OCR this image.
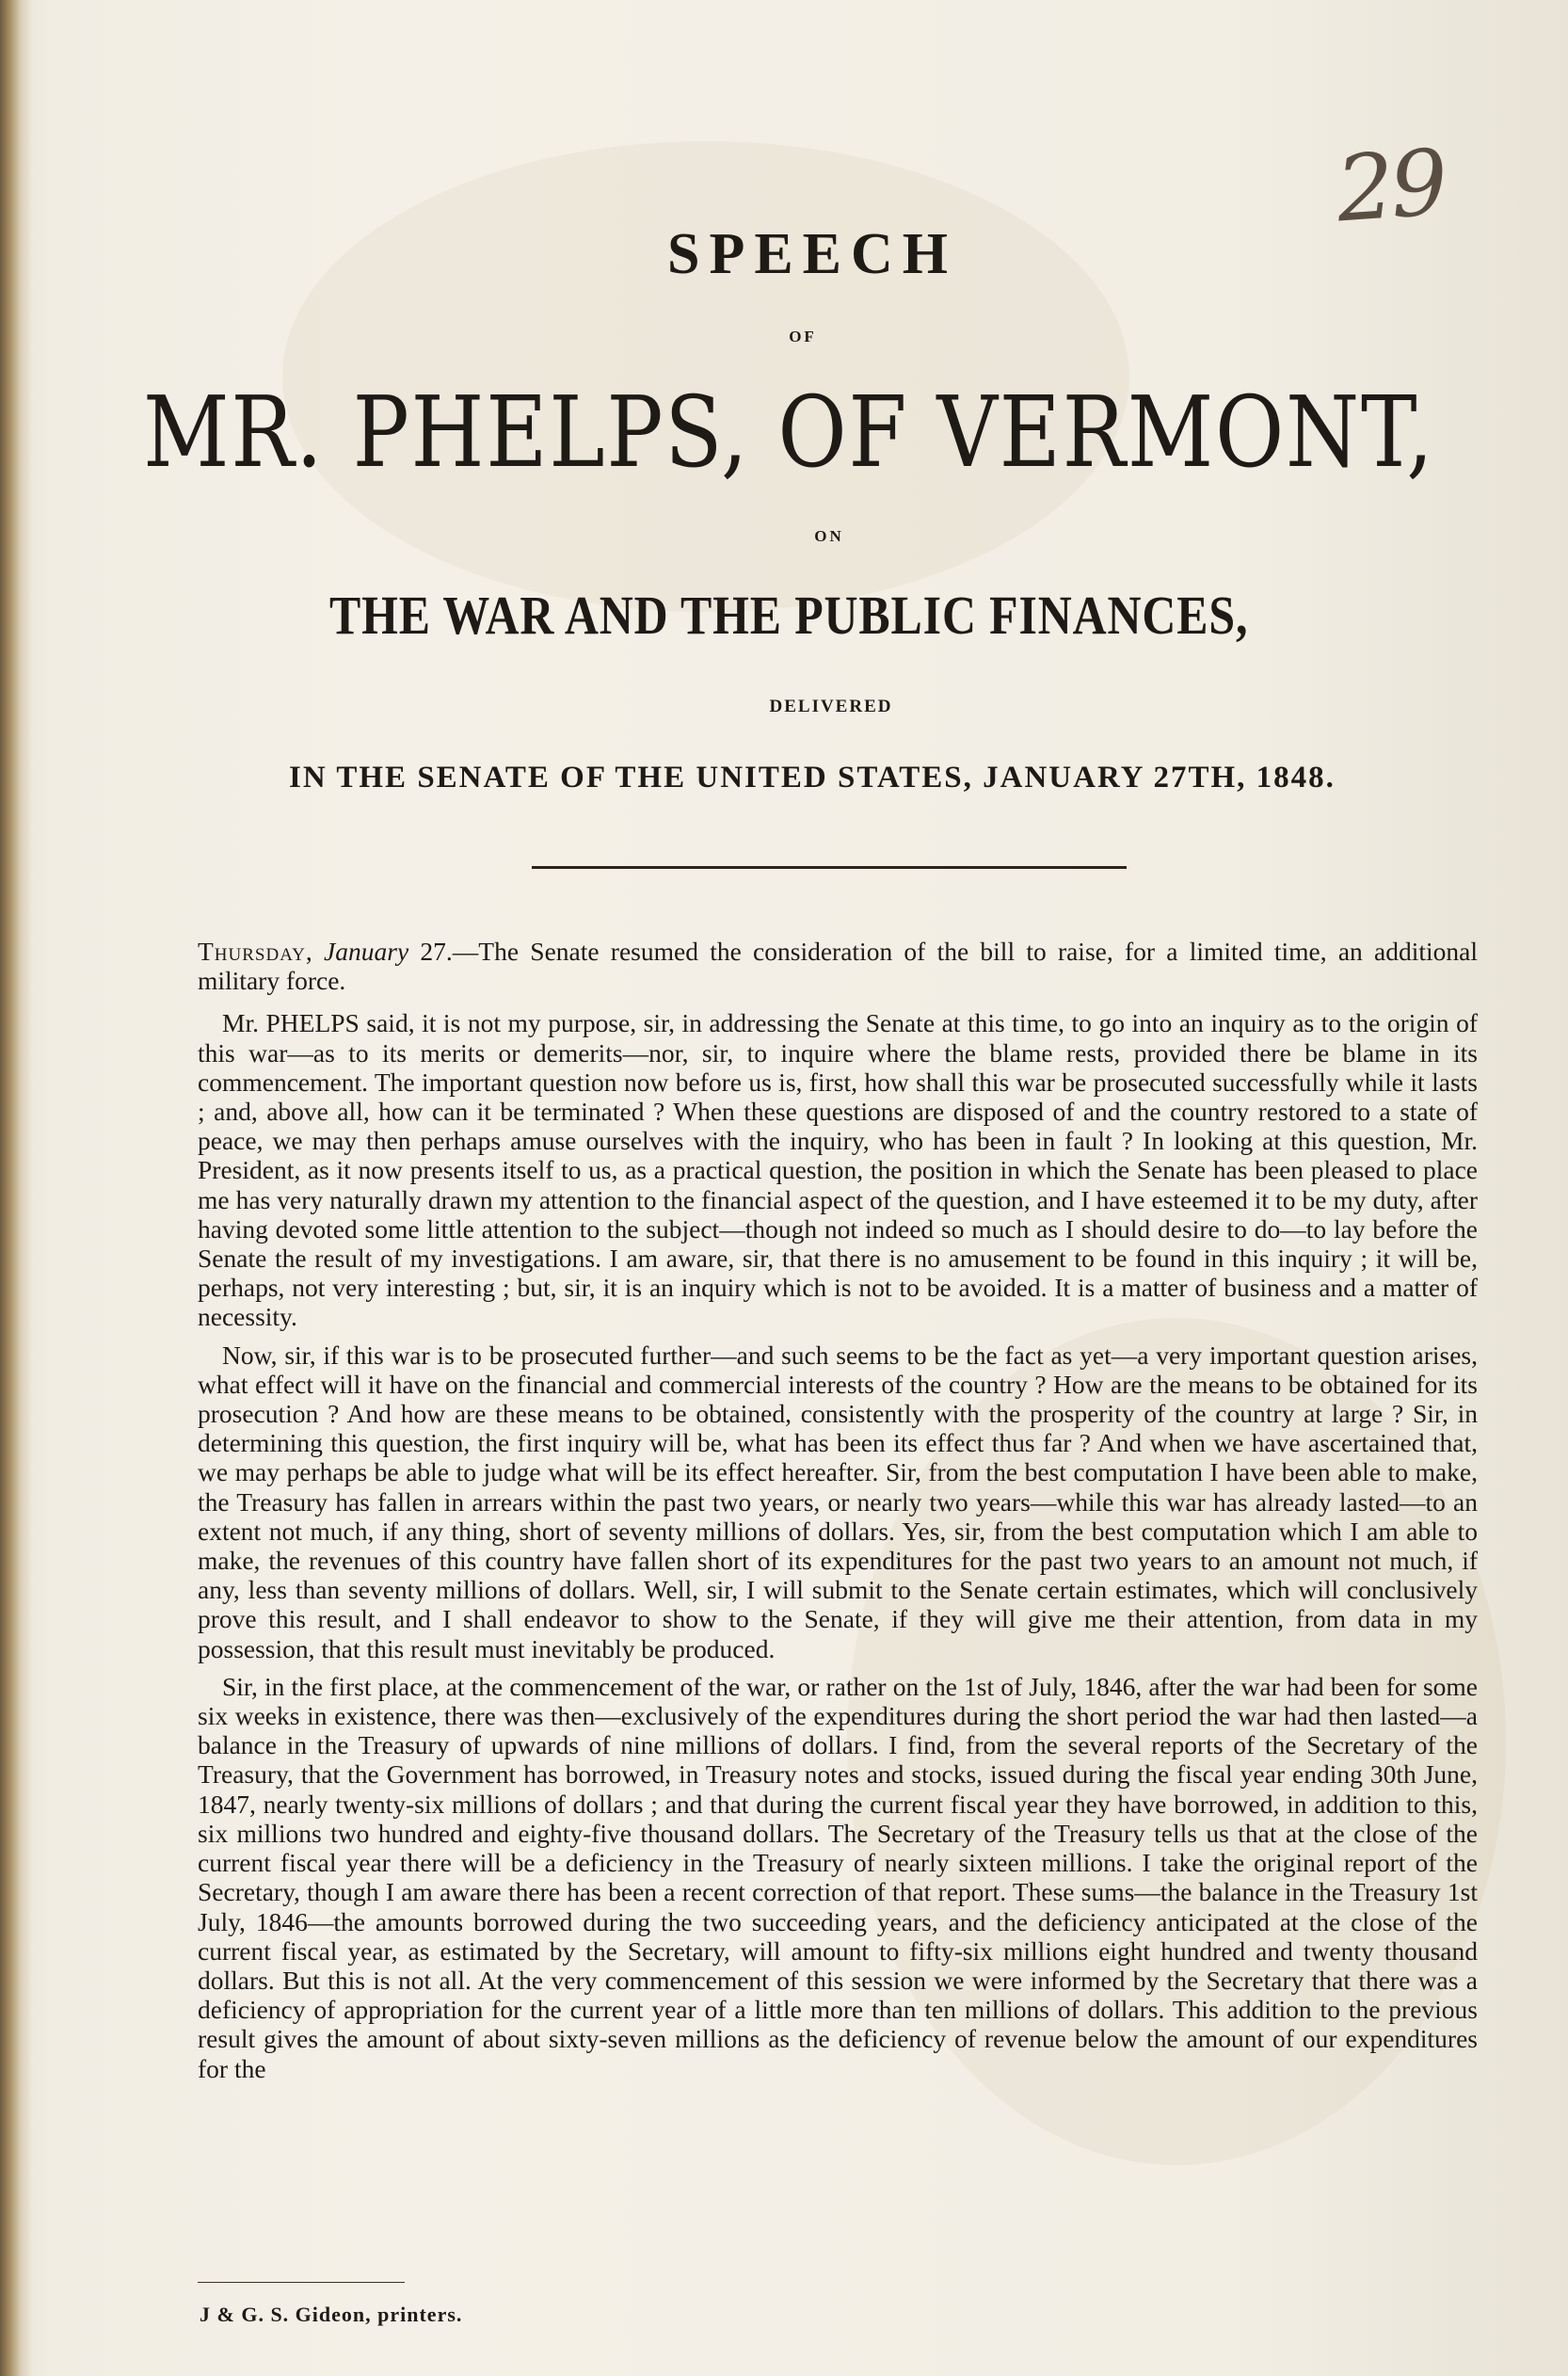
29
SPEECH
OF
MR. PHELPS, OF VERMONT,
ON
THE WAR AND THE PUBLIC FINANCES,
DELIVERED
IN THE SENATE OF THE UNITED STATES, JANUARY 27TH, 1848.

Thursday, January 27.—The Senate resumed the consideration of the bill to raise, for a limited time, an additional military force.

Mr. PHELPS said, it is not my purpose, sir, in addressing the Senate at this time, to go into an inquiry as to the origin of this war—as to its merits or demerits—nor, sir, to inquire where the blame rests, provided there be blame in its commencement. The important question now before us is, first, how shall this war be prosecuted successfully while it lasts ; and, above all, how can it be terminated ? When these questions are disposed of and the country restored to a state of peace, we may then perhaps amuse ourselves with the inquiry, who has been in fault ? In looking at this question, Mr. President, as it now presents itself to us, as a practical question, the position in which the Senate has been pleased to place me has very naturally drawn my attention to the financial aspect of the question, and I have esteemed it to be my duty, after having devoted some little attention to the subject—though not indeed so much as I should desire to do—to lay before the Senate the result of my investigations. I am aware, sir, that there is no amusement to be found in this inquiry ; it will be, perhaps, not very interesting ; but, sir, it is an inquiry which is not to be avoided. It is a matter of business and a matter of necessity.

Now, sir, if this war is to be prosecuted further—and such seems to be the fact as yet—a very important question arises, what effect will it have on the financial and commercial interests of the country ? How are the means to be obtained for its prosecution ? And how are these means to be obtained, consistently with the prosperity of the country at large ? Sir, in determining this question, the first inquiry will be, what has been its effect thus far ? And when we have ascertained that, we may perhaps be able to judge what will be its effect hereafter. Sir, from the best computation I have been able to make, the Treasury has fallen in arrears within the past two years, or nearly two years—while this war has already lasted—to an extent not much, if any thing, short of seventy millions of dollars. Yes, sir, from the best computation which I am able to make, the revenues of this country have fallen short of its expenditures for the past two years to an amount not much, if any, less than seventy millions of dollars. Well, sir, I will submit to the Senate certain estimates, which will conclusively prove this result, and I shall endeavor to show to the Senate, if they will give me their attention, from data in my possession, that this result must inevitably be produced.

Sir, in the first place, at the commencement of the war, or rather on the 1st of July, 1846, after the war had been for some six weeks in existence, there was then—exclusively of the expenditures during the short period the war had then lasted—a balance in the Treasury of upwards of nine millions of dollars. I find, from the several reports of the Secretary of the Treasury, that the Government has borrowed, in Treasury notes and stocks, issued during the fiscal year ending 30th June, 1847, nearly twenty-six millions of dollars ; and that during the current fiscal year they have borrowed, in addition to this, six millions two hundred and eighty-five thousand dollars. The Secretary of the Treasury tells us that at the close of the current fiscal year there will be a deficiency in the Treasury of nearly sixteen millions. I take the original report of the Secretary, though I am aware there has been a recent correction of that report. These sums—the balance in the Treasury 1st July, 1846—the amounts borrowed during the two succeeding years, and the deficiency anticipated at the close of the current fiscal year, as estimated by the Secretary, will amount to fifty-six millions eight hundred and twenty thousand dollars. But this is not all. At the very commencement of this session we were informed by the Secretary that there was a deficiency of appropriation for the current year of a little more than ten millions of dollars. This addition to the previous result gives the amount of about sixty-seven millions as the deficiency of revenue below the amount of our expenditures for the

J & G. S. Gideon, printers.
